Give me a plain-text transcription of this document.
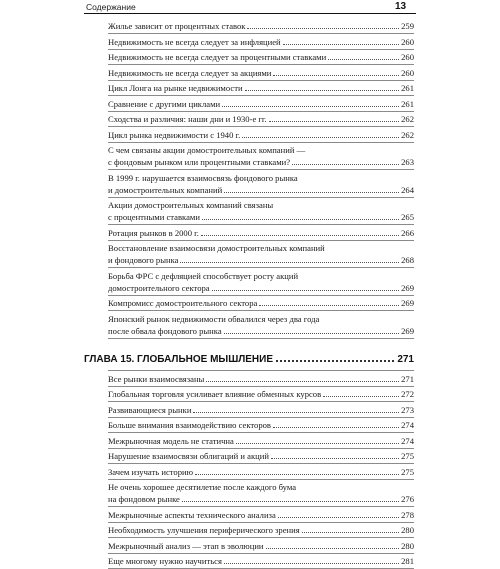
Содержание	13
Жилье зависит от процентных ставок	259
Недвижимость не всегда следует за инфляцией	260
Недвижимость не всегда следует за процентными ставками	260
Недвижимость не всегда следует за акциями	260
Цикл Лонга на рынке недвижимости	261
Сравнение с другими циклами	261
Сходства и различия: наши дни и 1930-е гг.	262
Цикл рынка недвижимости с 1940 г.	262
С чем связаны акции домостроительных компаний —
с фондовым рынком или процентными ставками?	263
В 1999 г. нарушается взаимосвязь фондового рынка
и домостроительных компаний	264
Акции домостроительных компаний связаны
с процентными ставками	265
Ротация рынков в 2000 г.	266
Восстановление взаимосвязи домостроительных компаний
и фондового рынка	268
Борьба ФРС с дефляцией способствует росту акций
домостроительного сектора	269
Компромисс домостроительного сектора	269
Японский рынок недвижимости обвалился через два года
после обвала фондового рынка	269
ГЛАВА 15. ГЛОБАЛЬНОЕ МЫШЛЕНИЕ	271
Все рынки взаимосвязаны	271
Глобальная торговля усиливает влияние обменных курсов	272
Развивающиеся рынки	273
Больше внимания взаимодействию секторов	274
Межрыночная модель не статична	274
Нарушение взаимосвязи облигаций и акций	275
Зачем изучать историю	275
Не очень хорошее десятилетие после каждого бума
на фондовом рынке	276
Межрыночные аспекты технического анализа	278
Необходимость улучшения периферического зрения	280
Межрыночный анализ — этап в эволюции	280
Еще многому нужно научиться	281
